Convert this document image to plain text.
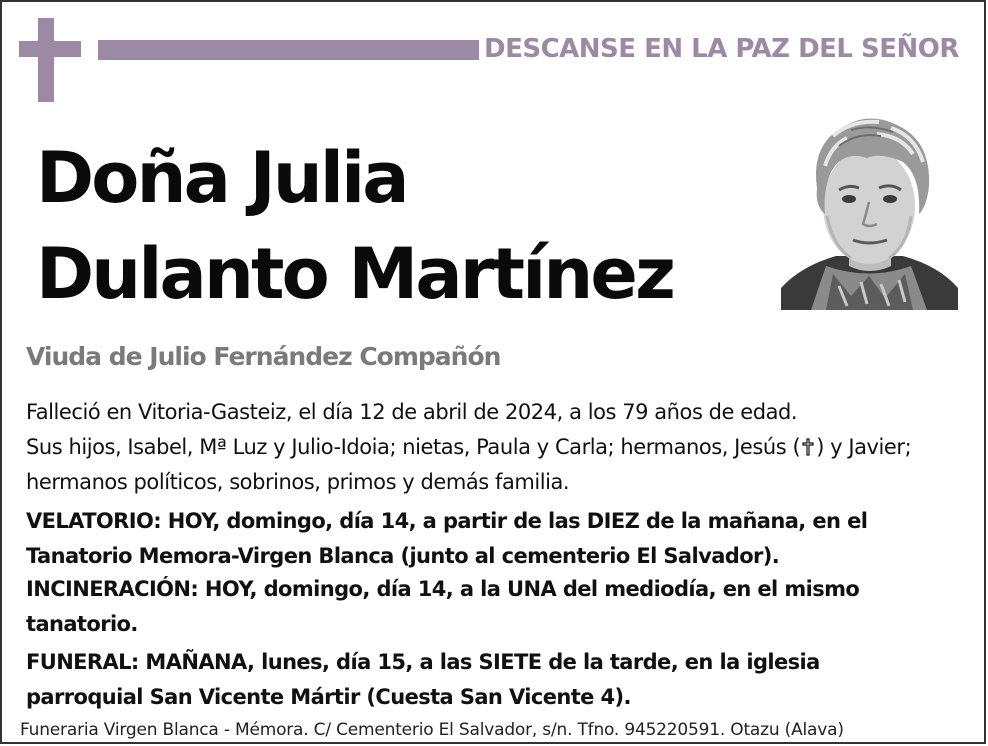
DESCANSE EN LA PAZ DEL SEÑOR
Doña Julia
Dulanto Martínez
Viuda de Julio Fernández Compañón
Falleció en Vitoria-Gasteiz, el día 12 de abril de 2024, a los 79 años de edad.
Sus hijos, Isabel, Mª Luz y Julio-Idoia; nietas, Paula y Carla; hermanos, Jesús ( ) y Javier; hermanos políticos, sobrinos, primos y demás familia.
VELATORIO: HOY, domingo, día 14, a partir de las DIEZ de la mañana, en el Tanatorio Memora-Virgen Blanca (junto al cementerio El Salvador).
INCINERACIÓN: HOY, domingo, día 14, a la UNA del mediodía, en el mismo tanatorio.
FUNERAL: MAÑANA, lunes, día 15, a las SIETE de la tarde, en la iglesia parroquial San Vicente Mártir (Cuesta San Vicente 4).
Funeraria Virgen Blanca - Mémora. C/ Cementerio El Salvador, s/n. Tfno. 945220591. Otazu (Alava)
